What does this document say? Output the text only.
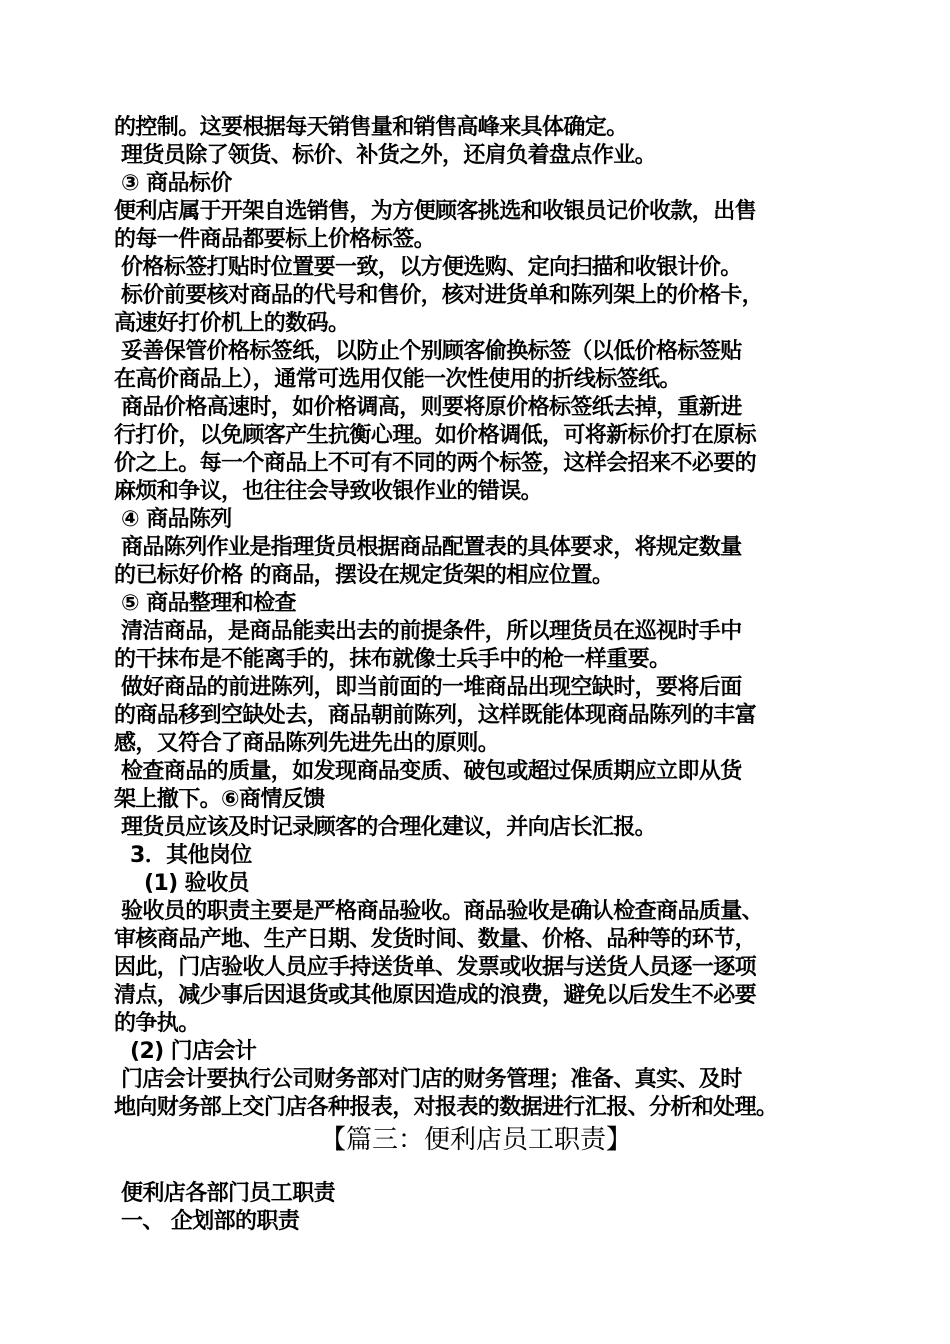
的控制。这要根据每天销售量和销售高峰来具体确定。
理货员除了领货、标价、补货之外，还肩负着盘点作业。
③ 商品标价
便利店属于开架自选销售，为方便顾客挑选和收银员记价收款，出售
的每一件商品都要标上价格标签。
价格标签打贴时位置要一致，以方便选购、定向扫描和收银计价。
标价前要核对商品的代号和售价，核对进货单和陈列架上的价格卡，
高速好打价机上的数码。
妥善保管价格标签纸，以防止个别顾客偷换标签（以低价格标签贴
在高价商品上），通常可选用仅能一次性使用的折线标签纸。
商品价格高速时，如价格调高，则要将原价格标签纸去掉，重新进
行打价，以免顾客产生抗衡心理。如价格调低，可将新标价打在原标
价之上。每一个商品上不可有不同的两个标签，这样会招来不必要的
麻烦和争议，也往往会导致收银作业的错误。
④ 商品陈列
商品陈列作业是指理货员根据商品配置表的具体要求，将规定数量
的已标好价格 的商品，摆设在规定货架的相应位置。
⑤ 商品整理和检查
清洁商品，是商品能卖出去的前提条件，所以理货员在巡视时手中
的干抹布是不能离手的，抹布就像士兵手中的枪一样重要。
做好商品的前进陈列，即当前面的一堆商品出现空缺时，要将后面
的商品移到空缺处去，商品朝前陈列，这样既能体现商品陈列的丰富
感，又符合了商品陈列先进先出的原则。
检查商品的质量，如发现商品变质、破包或超过保质期应立即从货
架上撤下。⑥商情反馈
理货员应该及时记录顾客的合理化建议，并向店长汇报。
3．其他岗位
(1) 验收员
验收员的职责主要是严格商品验收。商品验收是确认检查商品质量、
审核商品产地、生产日期、发货时间、数量、价格、品种等的环节，
因此，门店验收人员应手持送货单、发票或收据与送货人员逐一逐项
清点，减少事后因退货或其他原因造成的浪费，避免以后发生不必要
的争执。
(2) 门店会计
门店会计要执行公司财务部对门店的财务管理；准备、真实、及时
地向财务部上交门店各种报表，对报表的数据进行汇报、分析和处理。
【篇三：便利店员工职责】
便利店各部门员工职责
一、 企划部的职责
